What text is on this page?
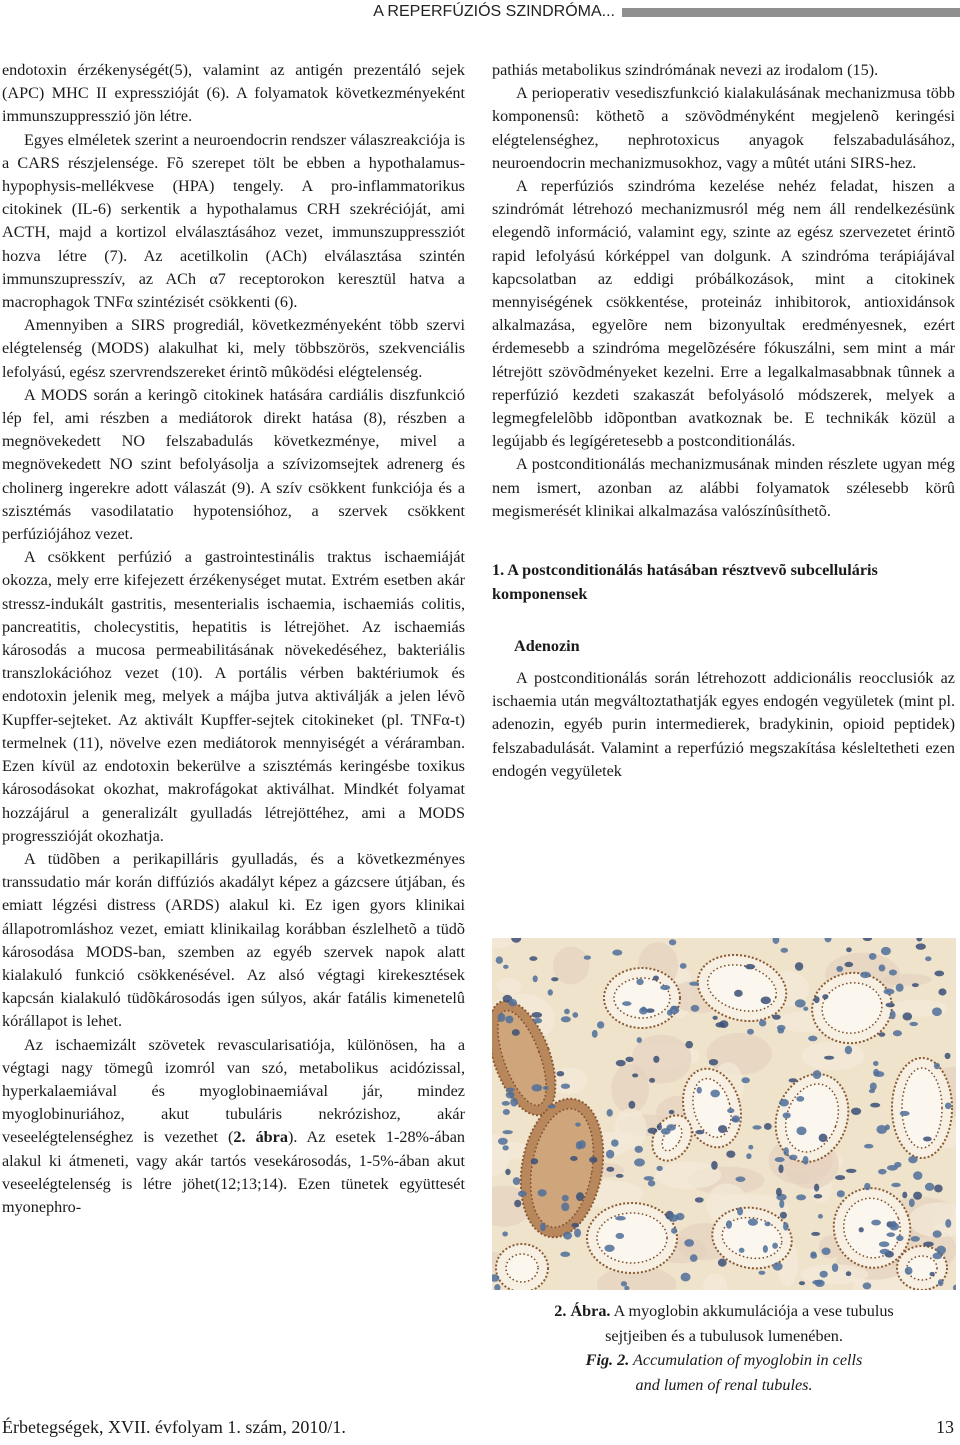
A REPERFÚZIÓS SZINDRÓMA...

endotoxin érzékenységét(5), valamint az antigén prezentáló sejek (APC) MHC II expresszióját (6). A folyamatok következményeként immunszuppresszió jön létre.

Egyes elméletek szerint a neuroendocrin rendszer válaszreakciója is a CARS részjelensége. Fõ szerepet tölt be ebben a hypothalamus- hypophysis-mellékvese (HPA) tengely. A pro-inflammatorikus citokinek (IL-6) serkentik a hypothalamus CRH szekrécióját, ami ACTH, majd a kortizol elválasztásához vezet, immunszuppressziót hozva létre (7). Az acetilkolin (ACh) elválasztása szintén immunszupresszív, az ACh α7 receptorokon keresztül hatva a macrophagok TNFα szintézisét csökkenti (6).

Amennyiben a SIRS progrediál, következményeként több szervi elégtelenség (MODS) alakulhat ki, mely többszörös, szekvenciális lefolyású, egész szervrendszereket érintõ mûködési elégtelenség.

A MODS során a keringõ citokinek hatására cardiális diszfunkció lép fel, ami részben a mediátorok direkt hatása (8), részben a megnövekedett NO felszabadulás következménye, mivel a megnövekedett NO szint befolyásolja a szívizomsejtek adrenerg és cholinerg ingerekre adott válaszát (9). A szív csökkent funkciója és a szisztémás vasodilatatio hypotensióhoz, a szervek csökkent perfúziójához vezet.

A csökkent perfúzió a gastrointestinális traktus ischaemiáját okozza, mely erre kifejezett érzékenységet mutat. Extrém esetben akár stressz-indukált gastritis, mesenterialis ischaemia, ischaemiás colitis, pancreatitis, cholecystitis, hepatitis is létrejöhet. Az ischaemiás károsodás a mucosa permeabilitásának növekedéséhez, bakteriális transzlokációhoz vezet (10). A portális vérben baktériumok és endotoxin jelenik meg, melyek a májba jutva aktiválják a jelen lévõ Kupffer-sejteket. Az aktivált Kupffer-sejtek citokineket (pl. TNFα-t) termelnek (11), növelve ezen mediátorok mennyiségét a véráramban. Ezen kívül az endotoxin bekerülve a szisztémás keringésbe toxikus károsodásokat okozhat, makrofágokat aktiválhat. Mindkét folyamat hozzájárul a generalizált gyulladás létrejöttéhez, ami a MODS progresszióját okozhatja.

A tüdõben a perikapilláris gyulladás, és a következményes transsudatio már korán diffúziós akadályt képez a gázcsere útjában, és emiatt légzési distress (ARDS) alakul ki. Ez igen gyors klinikai állapotromláshoz vezet, emiatt klinikailag korábban észlelhetõ a tüdõ károsodása MODS-ban, szemben az egyéb szervek napok alatt kialakuló funkció csökkenésével. Az alsó végtagi kirekesztések kapcsán kialakuló tüdõkárosodás igen súlyos, akár fatális kimenetelû kórállapot is lehet.

Az ischaemizált szövetek revascularisatiója, különösen, ha a végtagi nagy tömegû izomról van szó, metabolikus acidózissal, hyperkalaemiával és myoglobinaemiával jár, mindez myoglobinuriához, akut tubuláris nekrózishoz, akár veseelégtelenséghez is vezethet (2. ábra). Az esetek 1-28%-ában alakul ki átmeneti, vagy akár tartós vesekárosodás, 1-5%-ában akut veseelégtelenség is létre jöhet(12;13;14). Ezen tünetek együttesét myonephro-

pathiás metabolikus szindrómának nevezi az irodalom (15).

A perioperativ vesediszfunkció kialakulásának mechanizmusa több komponensû: köthetõ a szövõdményként megjelenõ keringési elégtelenséghez, nephrotoxicus anyagok felszabadulásához, neuroendocrin mechanizmusokhoz, vagy a mûtét utáni SIRS-hez.

A reperfúziós szindróma kezelése nehéz feladat, hiszen a szindrómát létrehozó mechanizmusról még nem áll rendelkezésünk elegendõ információ, valamint egy, szinte az egész szervezetet érintõ rapid lefolyású kórképpel van dolgunk. A szindróma terápiájával kapcsolatban az eddigi próbálkozások, mint a citokinek mennyiségének csökkentése, proteináz inhibitorok, antioxidánsok alkalmazása, egyelõre nem bizonyultak eredményesnek, ezért érdemesebb a szindróma megelõzésére fókuszálni, sem mint a már létrejött szövõdményeket kezelni. Erre a legalkalmasabbnak tûnnek a reperfúzió kezdeti szakaszát befolyásoló módszerek, melyek a legmegfelelõbb idõpontban avatkoznak be. E technikák közül a legújabb és legígéretesebb a postconditionálás.

A postconditionálás mechanizmusának minden részlete ugyan még nem ismert, azonban az alábbi folyamatok szélesebb körû megismerését klinikai alkalmazása valószínûsíthetõ.

1. A postconditionálás hatásában résztvevõ subcelluláris komponensek
Adenozin

A postconditionálás során létrehozott addicionális reocclusiók az ischaemia után megváltoztathatják egyes endogén vegyületek (mint pl. adenozin, egyéb purin intermedierek, bradykinin, opioid peptidek) felszabadulását. Valamint a reperfúzió megszakítása késleltetheti ezen endogén vegyületek

2. Ábra. A myoglobin akkumulációja a vese tubulus
sejtjeiben és a tubulusok lumenében.
Fig. 2. Accumulation of myoglobin in cells
and lumen of renal tubules.
Érbetegségek, XVII. évfolyam 1. szám, 2010/1.	13
